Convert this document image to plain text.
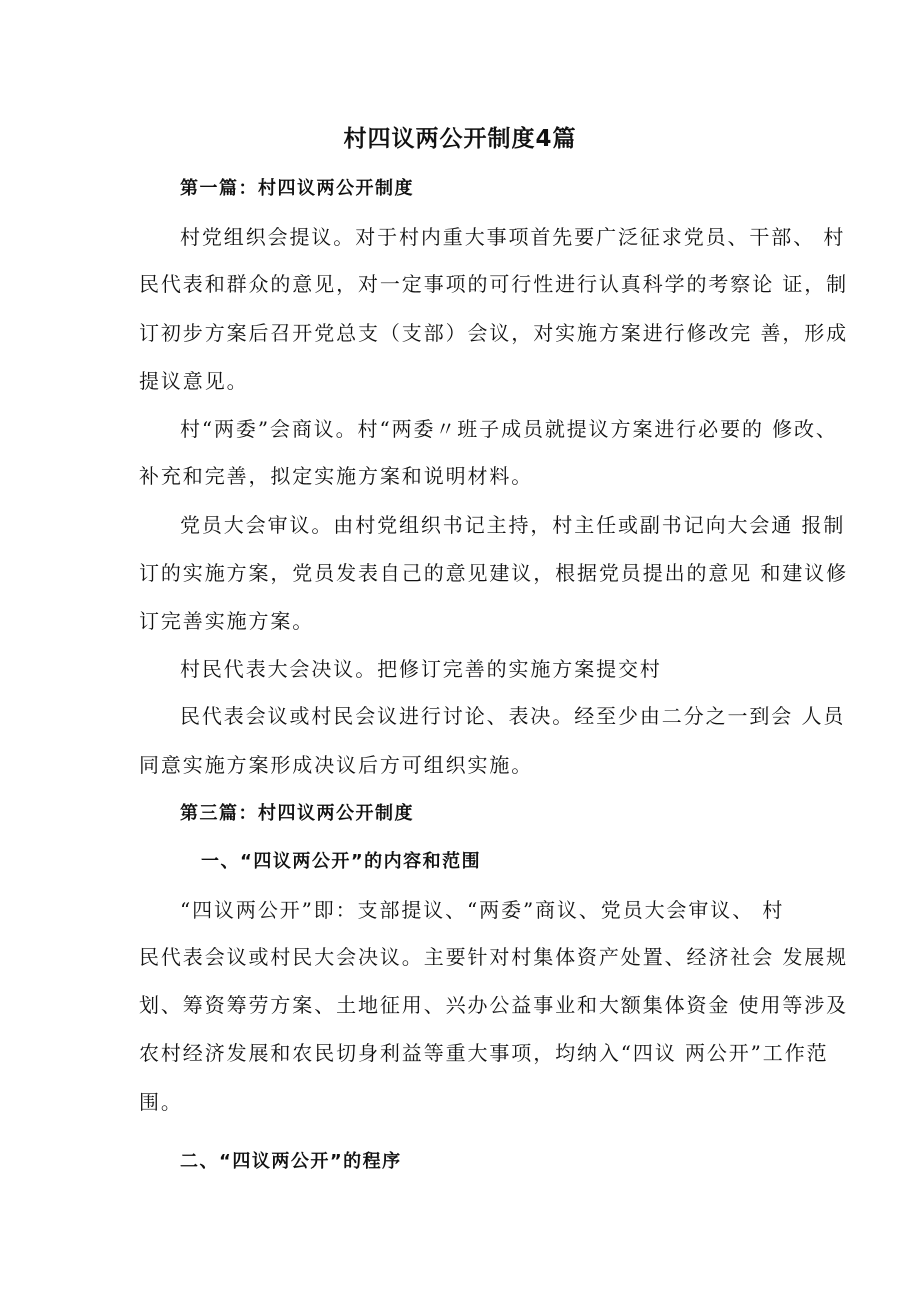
村四议两公开制度4篇
第一篇：村四议两公开制度
村党组织会提议。对于村内重大事项首先要广泛征求党员、干部、 村
民代表和群众的意见，对一定事项的可行性进行认真科学的考察论 证，制
订初步方案后召开党总支（支部）会议，对实施方案进行修改完 善，形成
提议意见。
村“两委”会商议。村“两委〃班子成员就提议方案进行必要的 修改、
补充和完善，拟定实施方案和说明材料。
党员大会审议。由村党组织书记主持，村主任或副书记向大会通 报制
订的实施方案，党员发表自己的意见建议，根据党员提出的意见 和建议修
订完善实施方案。
村民代表大会决议。把修订完善的实施方案提交村
民代表会议或村民会议进行讨论、表决。经至少由二分之一到会 人员
同意实施方案形成决议后方可组织实施。
第三篇：村四议两公开制度
一、“四议两公开”的内容和范围
“四议两公开”即：支部提议、“两委”商议、党员大会审议、 村
民代表会议或村民大会决议。主要针对村集体资产处置、经济社会 发展规
划、筹资筹劳方案、土地征用、兴办公益事业和大额集体资金 使用等涉及
农村经济发展和农民切身利益等重大事项，均纳入“四议 两公开”工作范
围。
二、“四议两公开”的程序
